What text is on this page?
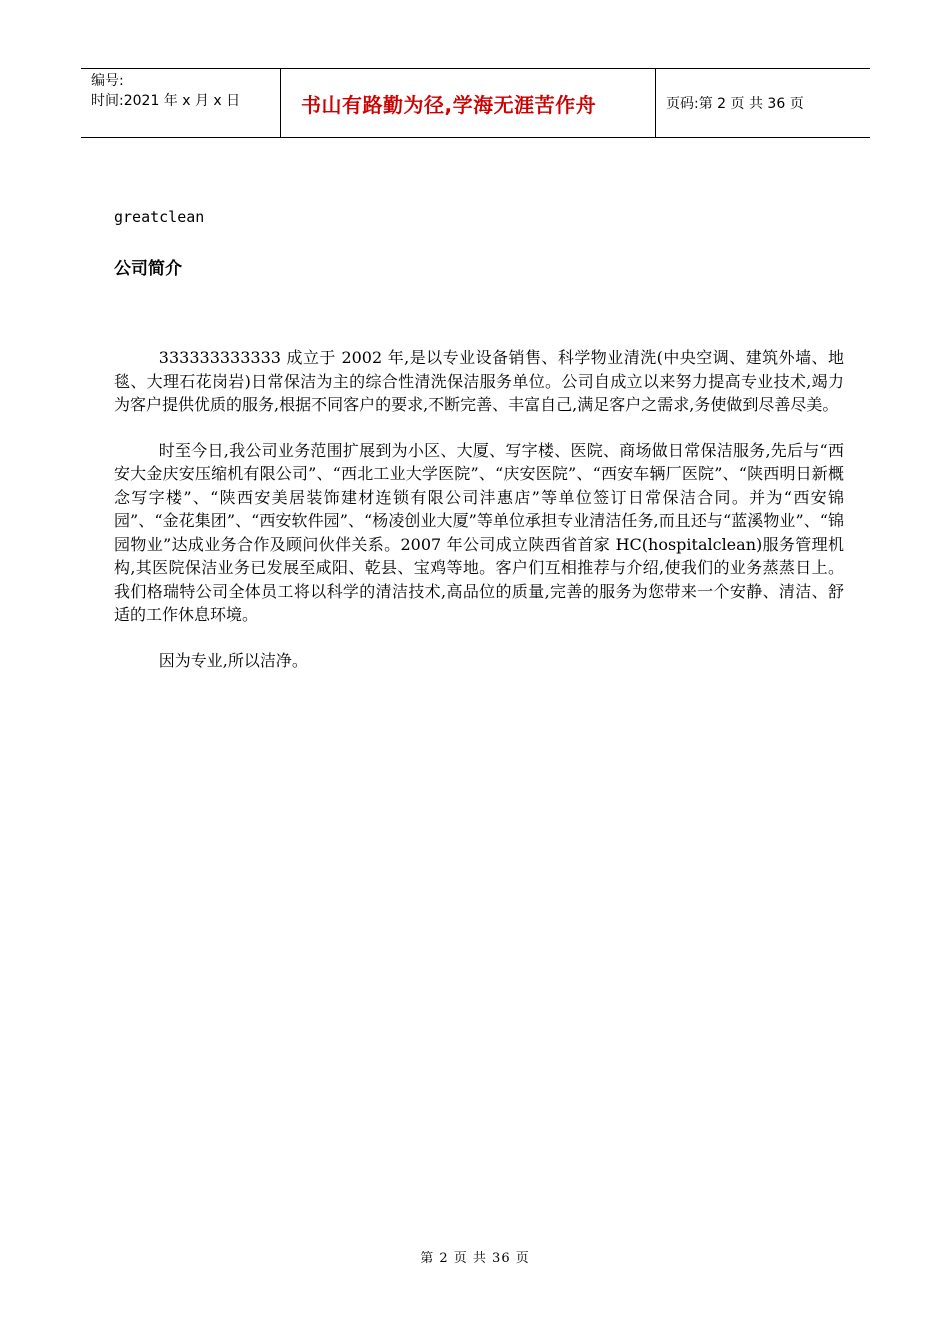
编号:
时间:2021 年 x 月 x 日	书山有路勤为径,学海无涯苦作舟	页码:第 2 页 共 36 页
greatclean
公司简介

333333333333 成立于 2002 年,是以专业设备销售、科学物业清洗(中央空调、建筑外墙、地毯、大理石花岗岩)日常保洁为主的综合性清洗保洁服务单位。公司自成立以来努力提高专业技术,竭力为客户提供优质的服务,根据不同客户的要求,不断完善、丰富自己,满足客户之需求,务使做到尽善尽美。

时至今日,我公司业务范围扩展到为小区、大厦、写字楼、医院、商场做日常保洁服务,先后与“西安大金庆安压缩机有限公司”、“西北工业大学医院”、“庆安医院”、“西安车辆厂医院”、“陕西明日新概念写字楼”、“陕西安美居装饰建材连锁有限公司沣惠店”等单位签订日常保洁合同。并为“西安锦园”、“金花集团”、“西安软件园”、“杨凌创业大厦”等单位承担专业清洁任务,而且还与“蓝溪物业”、“锦园物业”达成业务合作及顾问伙伴关系。2007 年公司成立陕西省首家 HC(hospitalclean)服务管理机构,其医院保洁业务已发展至咸阳、乾县、宝鸡等地。客户们互相推荐与介绍,使我们的业务蒸蒸日上。我们格瑞特公司全体员工将以科学的清洁技术,高品位的质量,完善的服务为您带来一个安静、清洁、舒适的工作休息环境。

因为专业,所以洁净。

第 2 页 共 36 页
